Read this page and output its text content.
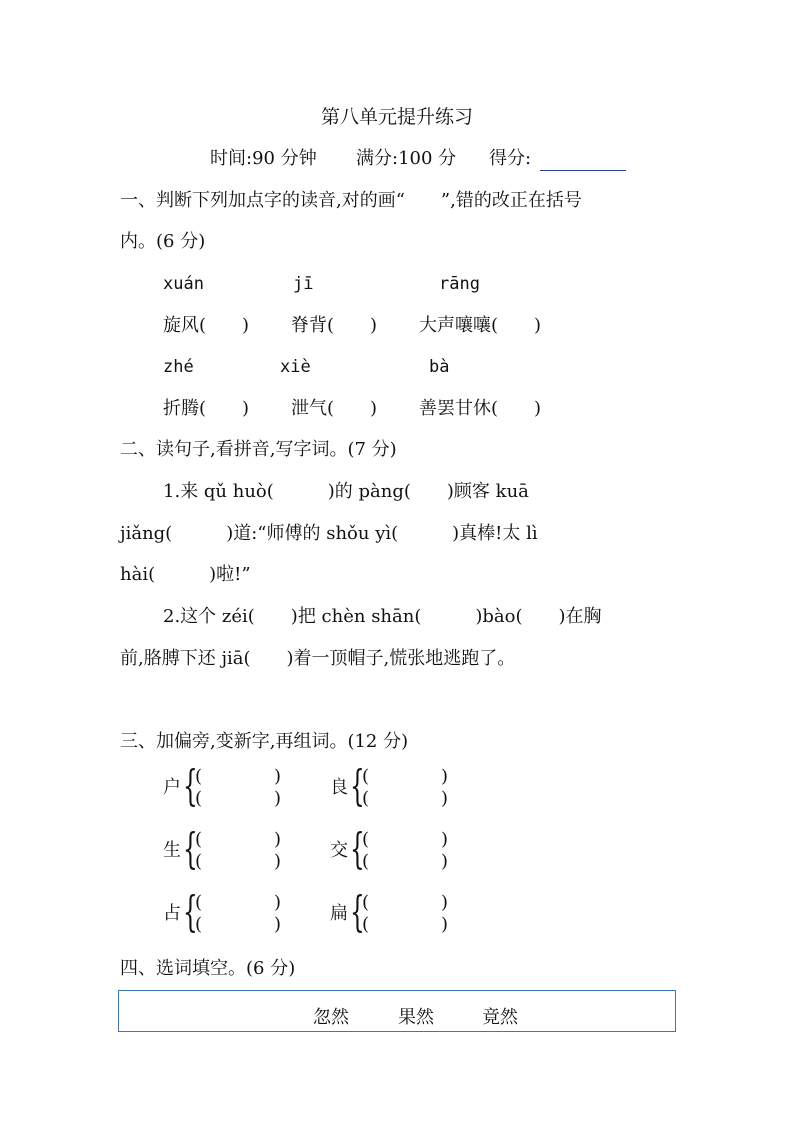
第八单元提升练习
时间:90 分钟 满分:100 分 得分:
一、判断下列加点字的读音,对的画“　　”,错的改正在括号
内。(6 分)
xuán	jī	rāng
旋风(　　) 脊背(　　) 大声嚷嚷(　　)
zhé	xiè	bà
折腾(　　) 泄气(　　) 善罢甘休(　　)
二、读句子,看拼音,写字词。(7 分)
1.来 qǔ huò(　　　)的 pàng(　　)顾客 kuā
jiǎng(　　　)道:“师傅的 shǒu yì(　　　)真棒!太 lì
hài(　　　)啦!”
2.这个 zéi(　　)把 chèn shān(　　　)bào(　　)在胸
前,胳膊下还 jiā(　　)着一顶帽子,慌张地逃跑了。
三、加偏旁,变新字,再组词。(12 分)
户 {
(　　　　)
(　　　　)
良 {
(　　　　)
(　　　　)
生 {
(　　　　)
(　　　　)
交 {
(　　　　)
(　　　　)
占 {
(　　　　)
(　　　　)
扁 {
(　　　　)
(　　　　)
四、选词填空。(6 分)
忽然	果然	竟然
